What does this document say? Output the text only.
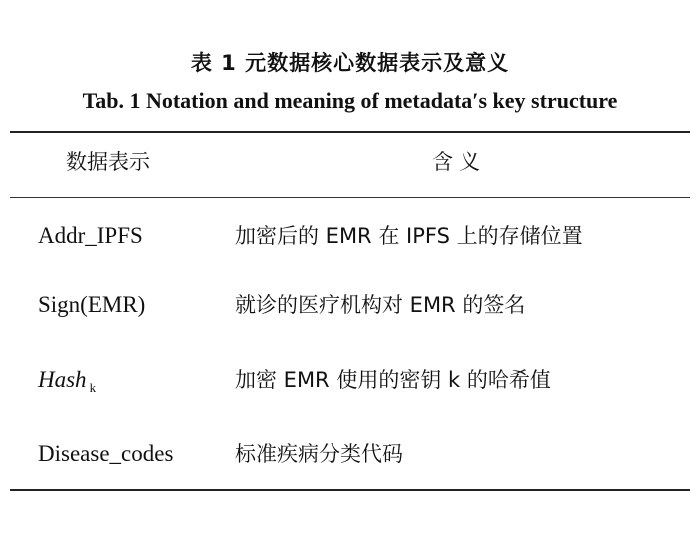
表 1 元数据核心数据表示及意义
Tab. 1 Notation and meaning of metadata′s key structure
数据表示	含义
Addr_IPFS	加密后的 EMR 在 IPFS 上的存储位置
Sign(EMR)	就诊的医疗机构对 EMR 的签名
Hash $_k$	加密 EMR 使用的密钥 k 的哈希值
Disease_codes	标准疾病分类代码
